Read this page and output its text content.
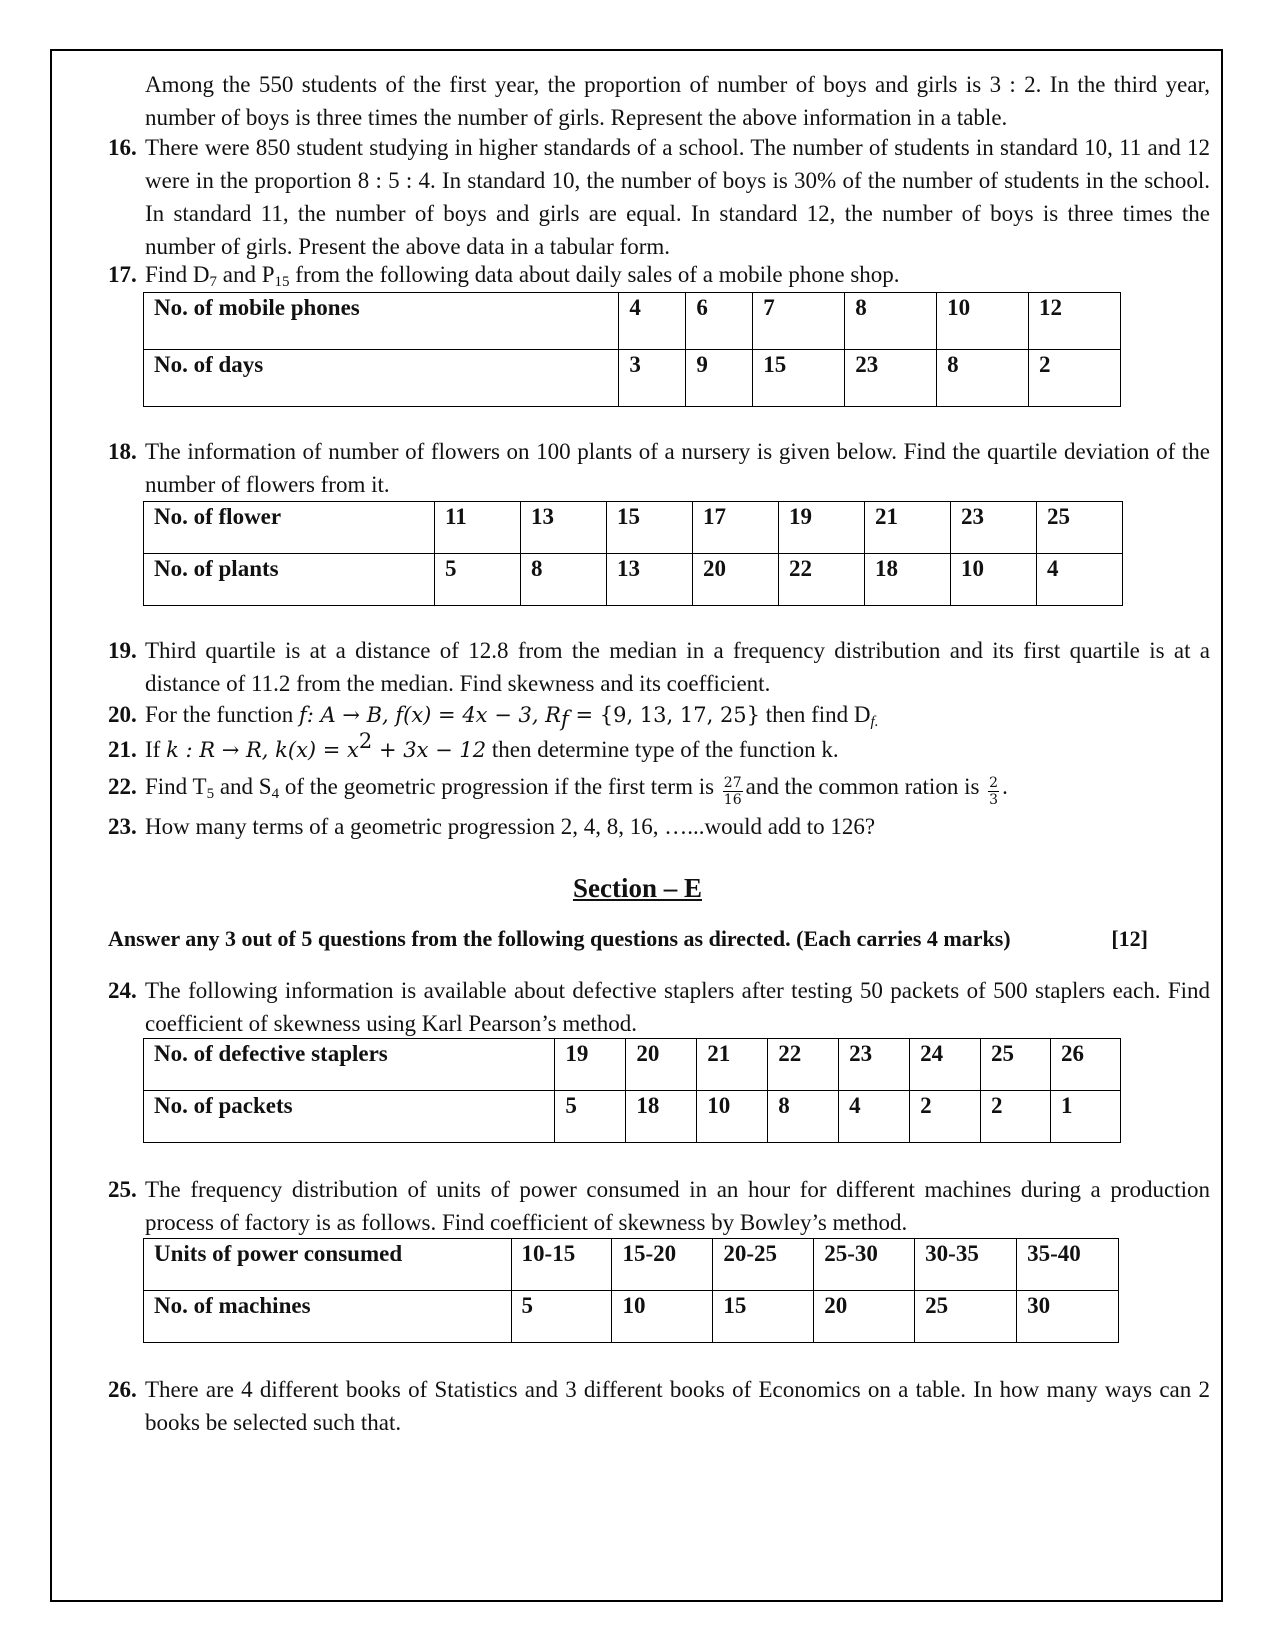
Among the 550 students of the first year, the proportion of number of boys and girls is 3 : 2. In the third year, number of boys is three times the number of girls. Represent the above information in a table.
16. There were 850 student studying in higher standards of a school. The number of students in standard 10, 11 and 12 were in the proportion 8 : 5 : 4. In standard 10, the number of boys is 30% of the number of students in the school. In standard 11, the number of boys and girls are equal. In standard 12, the number of boys is three times the number of girls. Present the above data in a tabular form.
17. Find $D_7$ and $P_{15}$ from the following data about daily sales of a mobile phone shop.
No. of mobile phones	4	6	7	8	10	12
No. of days	3	9	15	23	8	2
18. The information of number of flowers on 100 plants of a nursery is given below. Find the quartile deviation of the number of flowers from it.
No. of flower	11	13	15	17	19	21	23	25
No. of plants	5	8	13	20	22	18	10	4
19. Third quartile is at a distance of 12.8 from the median in a frequency distribution and its first quartile is at a distance of 11.2 from the median. Find skewness and its coefficient.
20. For the function f: A → B, f(x) = 4x − 3, $R_f = \{9$, 13, 17, 25} then find $D_{f.}$
21. If k : R → R, $k(x) = x^2 + 3x - 12$ then determine type of the function k.
22. Find $T_5$ and $S_4$ of the geometric progression if the first term is $\frac{27}{16}$ and the common ration is $\frac{2}{3}$ .
23. How many terms of a geometric progression 2, 4, 8, 16, …...would add to 126?
Section – E
Answer any 3 out of 5 questions from the following questions as directed. (Each carries 4 marks)	[12]
24. The following information is available about defective staplers after testing 50 packets of 500 staplers each. Find coefficient of skewness using Karl Pearson’s method.
No. of defective staplers	19	20	21	22	23	24	25	26
No. of packets	5	18	10	8	4	2	2	1
25. The frequency distribution of units of power consumed in an hour for different machines during a production process of factory is as follows. Find coefficient of skewness by Bowley’s method.
Units of power consumed	10-15	15-20	20-25	25-30	30-35	35-40
No. of machines	5	10	15	20	25	30
26. There are 4 different books of Statistics and 3 different books of Economics on a table. In how many ways can 2 books be selected such that.
